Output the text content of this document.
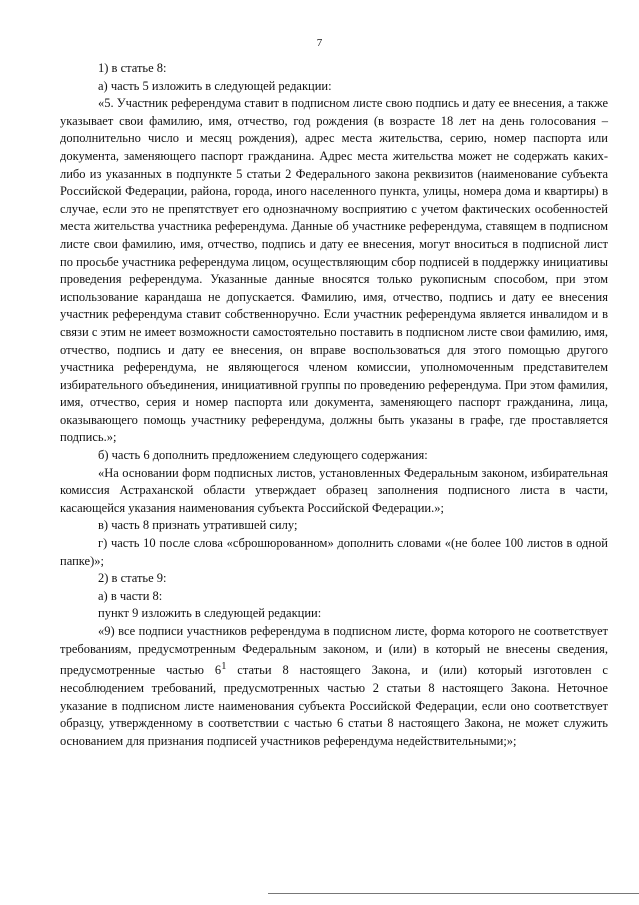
7

1) в статье 8:

а) часть 5 изложить в следующей редакции:

«5. Участник референдума ставит в подписном листе свою подпись и дату ее внесения, а также указывает свои фамилию, имя, отчество, год рождения (в возрасте 18 лет на день голосования – дополнительно число и месяц рождения), адрес места жительства, серию, номер паспорта или документа, заменяющего паспорт гражданина. Адрес места жительства может не содержать каких-либо из указанных в подпункте 5 статьи 2 Федерального закона реквизитов (наименование субъекта Российской Федерации, района, города, иного населенного пункта, улицы, номера дома и квартиры) в случае, если это не препятствует его однозначному восприятию с учетом фактических особенностей места жительства участника референдума. Данные об участнике референдума, ставящем в подписном листе свои фамилию, имя, отчество, подпись и дату ее внесения, могут вноситься в подписной лист по просьбе участника референдума лицом, осуществляющим сбор подписей в поддержку инициативы проведения референдума. Указанные данные вносятся только рукописным способом, при этом использование карандаша не допускается. Фамилию, имя, отчество, подпись и дату ее внесения участник референдума ставит собственноручно. Если участник референдума является инвалидом и в связи с этим не имеет возможности самостоятельно поставить в подписном листе свои фамилию, имя, отчество, подпись и дату ее внесения, он вправе воспользоваться для этого помощью другого участника референдума, не являющегося членом комиссии, уполномоченным представителем избирательного объединения, инициативной группы по проведению референдума. При этом фамилия, имя, отчество, серия и номер паспорта или документа, заменяющего паспорт гражданина, лица, оказывающего помощь участнику референдума, должны быть указаны в графе, где проставляется подпись.»;

б) часть 6 дополнить предложением следующего содержания:

«На основании форм подписных листов, установленных Федеральным законом, избирательная комиссия Астраханской области утверждает образец заполнения подписного листа в части, касающейся указания наименования субъекта Российской Федерации.»;

в) часть 8 признать утратившей силу;

г) часть 10 после слова «сброшюрованном» дополнить словами «(не более 100 листов в одной папке)»;

2) в статье 9:

а) в части 8:

пункт 9 изложить в следующей редакции:

«9) все подписи участников референдума в подписном листе, форма которого не соответствует требованиям, предусмотренным Федеральным законом, и (или) в который не внесены сведения, предусмотренные частью $6^1$ статьи 8 настоящего Закона, и (или) который изготовлен с несоблюдением требований, предусмотренных частью 2 статьи 8 настоящего Закона. Неточное указание в подписном листе наименования субъекта Российской Федерации, если оно соответствует образцу, утвержденному в соответствии с частью 6 статьи 8 настоящего Закона, не может служить основанием для признания подписей участников референдума недействительными;»;
